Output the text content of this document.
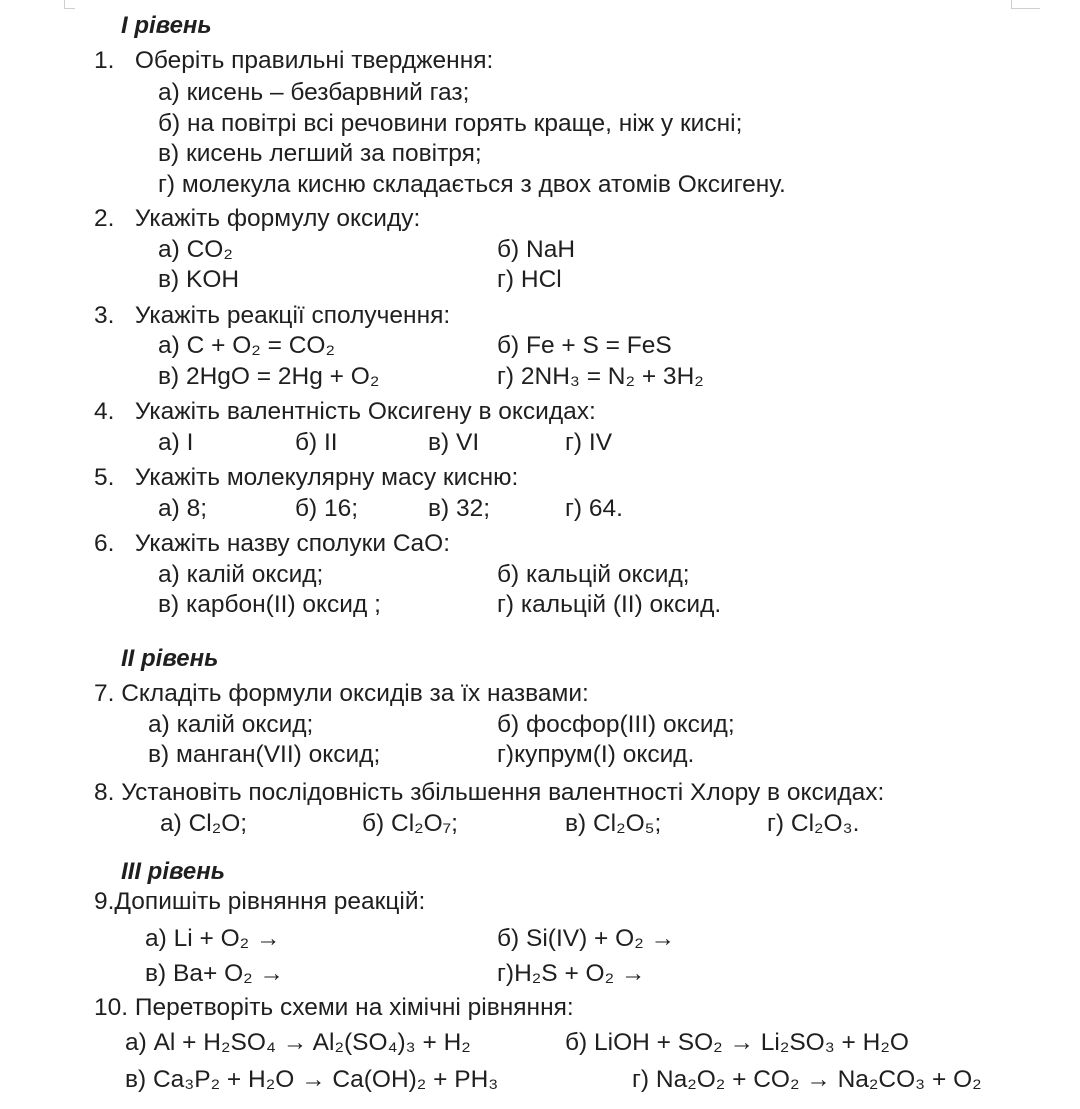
I рівень
1.   Оберіть правильні твердження:
а) кисень – безбарвний газ;
б) на повітрі всі речовини горять краще, ніж у кисні;
в) кисень легший за повітря;
г) молекула кисню складається з двох атомів Оксигену.
2.   Укажіть формулу оксиду:
а) CO₂	б) NaH
в) KOH	г) HCl
3.   Укажіть реакції сполучення:
а) C + O₂ = CO₂	б) Fe + S = FeS
в) 2HgO = 2Hg + O₂	г) 2NH₃ = N₂ + 3H₂
4.   Укажіть валентність Оксигену в оксидах:
а) I	б) II	в) VI	г) IV
5.   Укажіть молекулярну масу кисню:
а) 8;	б) 16;	в) 32;	г) 64.
6.   Укажіть назву сполуки CaO:
а) калій оксид;	б) кальцій оксид;
в) карбон(II) оксид ;	г) кальцій (II) оксид.
II рівень
7. Складіть формули оксидів за їх назвами:
а) калій оксид;	б) фосфор(III) оксид;
в) манган(VII) оксид;	г)купрум(I) оксид.
8. Установіть послідовність збільшення валентності Хлору в оксидах:
а) Cl₂O;	б) Cl₂O₇;	в) Cl₂O₅;	г) Cl₂O₃.
III рівень
9.Допишіть рівняння реакцій:
а) Li + O₂ →	б) Si(IV) + O₂ →
в) Ba+ O₂ →	г)H₂S + O₂ →
10. Перетворіть схеми на хімічні рівняння:
а) Al + H₂SO₄ → Al₂(SO₄)₃ + H₂	б) LiOH + SO₂ → Li₂SO₃ + H₂O
в) Ca₃P₂ + H₂O → Ca(OH)₂ + PH₃	г) Na₂O₂ + CO₂ → Na₂CO₃ + O₂
